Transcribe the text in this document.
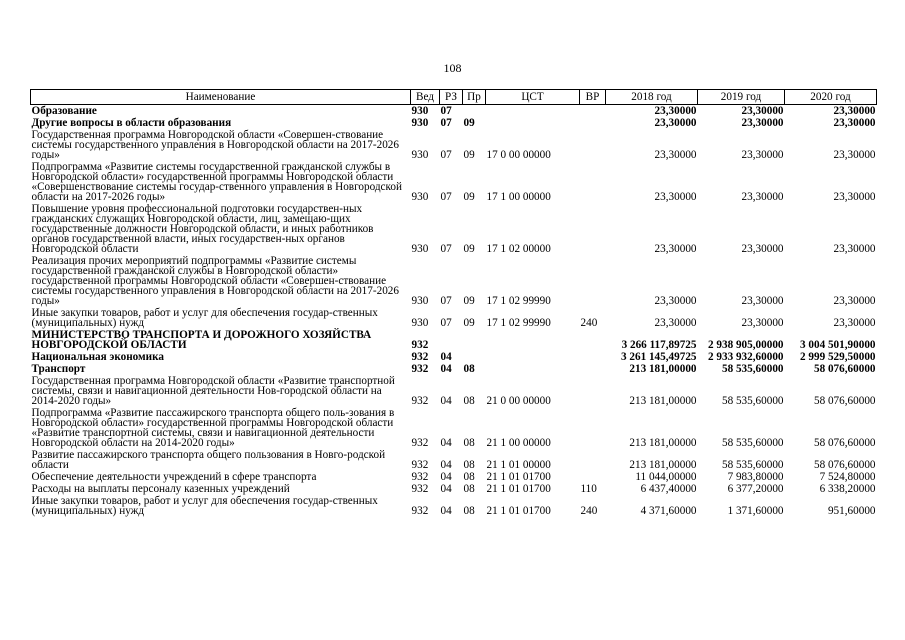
108
Наименование	Вед	РЗ	Пр	ЦСТ	ВР	2018 год	2019 год	2020 год
Образование	930	07				23,30000	23,30000	23,30000
Другие вопросы в области образования	930	07	09			23,30000	23,30000	23,30000
Государственная программа Новгородской области «Совершен-ствование системы государственного управления в Новгородской области на 2017-2026 годы»	930	07	09	17 0 00 00000		23,30000	23,30000	23,30000
Подпрограмма «Развитие системы государственной гражданской службы в Новгородской области» государственной программы Новгородской области «Совершенствование системы государ-ственного управления в Новгородской области на 2017-2026 годы»	930	07	09	17 1 00 00000		23,30000	23,30000	23,30000
Повышение уровня профессиональной подготовки государствен-ных гражданских служащих Новгородской области, лиц, замещаю-щих государственные должности Новгородской области, и иных работников органов государственной власти, иных государствен-ных органов Новгородской области	930	07	09	17 1 02 00000		23,30000	23,30000	23,30000
Реализация прочих мероприятий подпрограммы «Развитие системы государственной гражданской службы в Новгородской области» государственной программы Новгородской области «Совершен-ствование системы государственного управления в Новгородской области на 2017-2026 годы»	930	07	09	17 1 02 99990		23,30000	23,30000	23,30000
Иные закупки товаров, работ и услуг для обеспечения государ-ственных (муниципальных) нужд	930	07	09	17 1 02 99990	240	23,30000	23,30000	23,30000
МИНИСТЕРСТВО ТРАНСПОРТА И ДОРОЖНОГО ХОЗЯЙСТВА НОВГОРОДСКОЙ ОБЛАСТИ	932					3 266 117,89725	2 938 905,00000	3 004 501,90000
Национальная экономика	932	04				3 261 145,49725	2 933 932,60000	2 999 529,50000
Транспорт	932	04	08			213 181,00000	58 535,60000	58 076,60000
Государственная программа Новгородской области «Развитие транспортной системы, связи и навигационной деятельности Нов-городской области на 2014-2020 годы»	932	04	08	21 0 00 00000		213 181,00000	58 535,60000	58 076,60000
Подпрограмма «Развитие пассажирского транспорта общего поль-зования в Новгородской области» государственной программы Новгородской области «Развитие транспортной системы, связи и навигационной деятельности Новгородской области на 2014-2020 годы»	932	04	08	21 1 00 00000		213 181,00000	58 535,60000	58 076,60000
Развитие пассажирского транспорта общего пользования в Новго-родской области	932	04	08	21 1 01 00000		213 181,00000	58 535,60000	58 076,60000
Обеспечение деятельности учреждений в сфере транспорта	932	04	08	21 1 01 01700		11 044,00000	7 983,80000	7 524,80000
Расходы на выплаты персоналу казенных учреждений	932	04	08	21 1 01 01700	110	6 437,40000	6 377,20000	6 338,20000
Иные закупки товаров, работ и услуг для обеспечения государ-ственных (муниципальных) нужд	932	04	08	21 1 01 01700	240	4 371,60000	1 371,60000	951,60000
